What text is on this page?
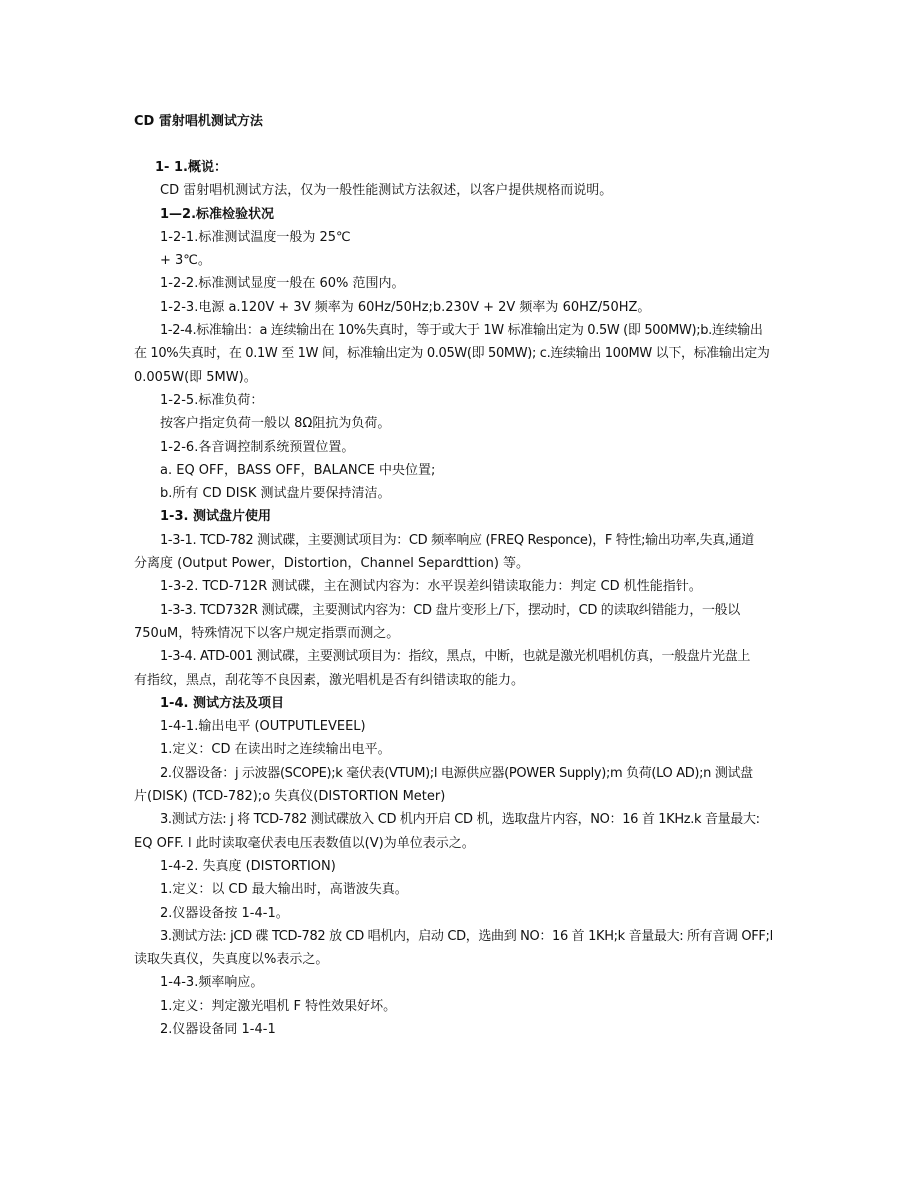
CD 雷射唱机测试方法

1- 1.概说：

CD 雷射唱机测试方法，仅为一般性能测试方法叙述，以客户提供规格而说明。

1—2.标准检验状况

1-2-1.标准测试温度一般为 25℃

+ 3℃。

1-2-2.标准测试显度一般在 60% 范围内。

1-2-3.电源 a.120V + 3V 频率为 60Hz/50Hz;b.230V + 2V 频率为 60HZ/50HZ。

1-2-4.标准输出：a 连续输出在 10%失真时，等于或大于 1W 标准输出定为 0.5W (即 500MW);b.连续输出

在 10%失真时，在 0.1W 至 1W 间，标准输出定为 0.05W(即 50MW); c.连续输出 100MW 以下，标准输出定为

0.005W(即 5MW)。

1-2-5.标准负荷：

按客户指定负荷一般以 8Ω阻抗为负荷。

1-2-6.各音调控制系统预置位置。

a. EQ OFF，BASS OFF，BALANCE 中央位置;

b.所有 CD DISK 测试盘片要保持清洁。

1-3. 测试盘片使用

1-3-1. TCD-782 测试碟，主要测试项目为：CD 频率响应 (FREQ Responce)，F 特性;输出功率,失真,通道

分离度 (Output Power，Distortion，Channel Separdttion) 等。

1-3-2. TCD-712R 测试碟，主在测试内容为：水平误差纠错读取能力：判定 CD 机性能指针。

1-3-3. TCD732R 测试碟，主要测试内容为：CD 盘片变形上/下，摆动时，CD 的读取纠错能力，一般以

750uM，特殊情况下以客户规定指票而测之。

1-3-4. ATD-001 测试碟，主要测试项目为：指纹，黑点，中断，也就是激光机唱机仿真，一般盘片光盘上

有指纹，黑点，刮花等不良因素，激光唱机是否有纠错读取的能力。

1-4. 测试方法及项目

1-4-1.输出电平 (OUTPUTLEVEEL)

1.定义：CD 在读出时之连续输出电平。

2.仪器设备：j 示波器(SCOPE);k 毫伏表(VTUM);l 电源供应器(POWER Supply);m 负荷(LO AD);n 测试盘

片(DISK) (TCD-782);o 失真仪(DISTORTION Meter)

3.测试方法: j 将 TCD-782 测试碟放入 CD 机内开启 CD 机，选取盘片内容，NO：16 首 1KHz.k 音量最大:

EQ OFF. l 此时读取毫伏表电压表数值以(V)为单位表示之。

1-4-2. 失真度 (DISTORTION)

1.定义：以 CD 最大输出时，高谐波失真。

2.仪器设备按 1-4-1。

3.测试方法: jCD 碟 TCD-782 放 CD 唱机内，启动 CD，选曲到 NO：16 首 1KH;k 音量最大: 所有音调 OFF;l

读取失真仪，失真度以%表示之。

1-4-3.频率响应。

1.定义：判定激光唱机 F 特性效果好坏。

2.仪器设备同 1-4-1
